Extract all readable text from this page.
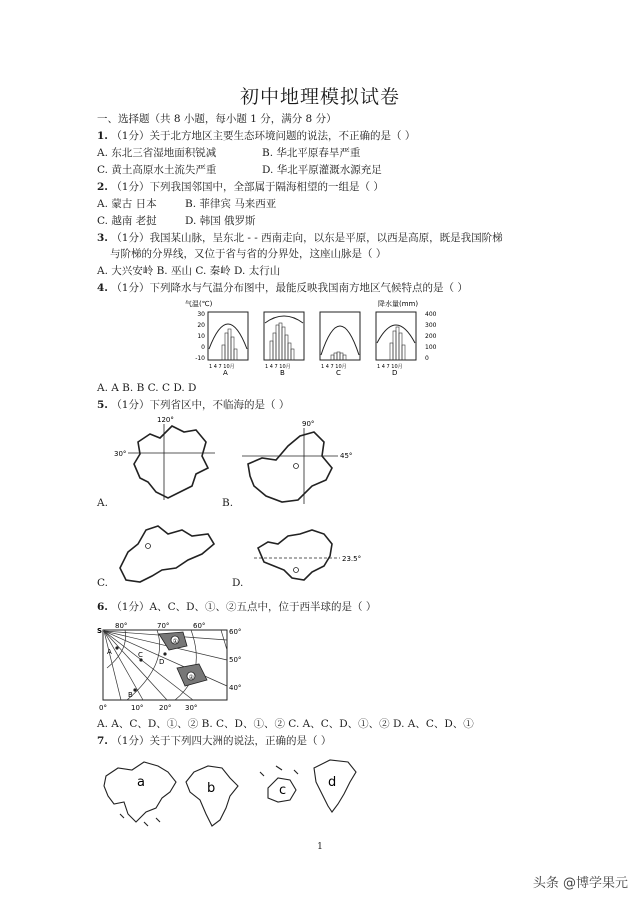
初中地理模拟试卷
一、选择题（共 8 小题，每小题 1 分，满分 8 分）
1. （1分）关于北方地区主要生态环境问题的说法，不正确的是（ ）
A. 东北三省湿地面积锐减	B. 华北平原春旱严重
C. 黄土高原水土流失严重	D. 华北平原灌溉水源充足
2. （1分）下列我国邻国中，全部属于隔海相望的一组是（ ）
A. 蒙古 日本	B. 菲律宾 马来西亚
C. 越南 老挝	D. 韩国 俄罗斯
3. （1分）我国某山脉，呈东北 - - 西南走向，以东是平原，以西是高原，既是我国阶梯
与阶梯的分界线，又位于省与省的分界处，这座山脉是（ ）
A. 大兴安岭 B. 巫山 C. 秦岭 D. 太行山
4. （1分）下列降水与气温分布图中，最能反映我国南方地区气候特点的是（ ）
气温(℃)	降水量(mm)
30
20
10
0
-10
400
300
200
100
0
1 4 7 10月
A
1 4 7 10月
B
1 4 7 10月
C
1 4 7 10月
D
A. A B. B C. C D. D
5. （1分）下列省区中，不临海的是（ ）
120°
30°
A.
90°
45°
B.
C.
23.5°
D.
6. （1分）A、C、D、①、②五点中，位于西半球的是（ ）
S
①
②
A
B
C
D
80°	70°	60°
60°
50°
40°
0°	10° 20° 30°
A. A、C、D、①、② B. C、D、①、② C. A、C、D、①、② D. A、C、D、①
7. （1分）关于下列四大洲的说法，正确的是（ ）
a	b	c
d
1
头条 @博学果元
